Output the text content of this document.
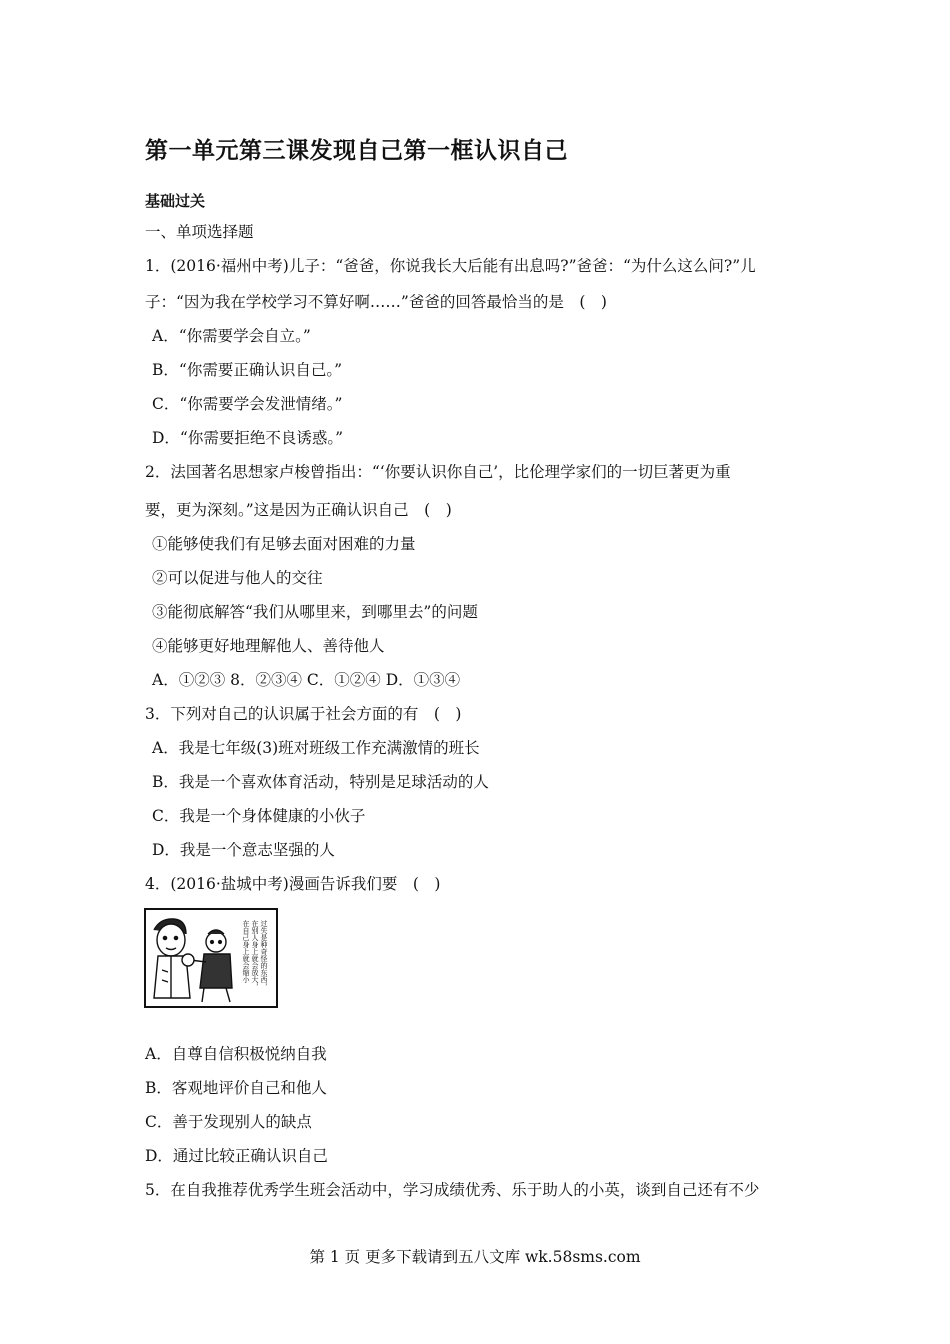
第一单元第三课发现自己第一框认识自己
基础过关
一、单项选择题
1．(2016·福州中考)儿子：“爸爸，你说我长大后能有出息吗?”爸爸：“为什么这么问?”儿
子：“因为我在学校学习不算好啊……”爸爸的回答最恰当的是　(　)
A．“你需要学会自立。”
B．“你需要正确认识自己。”
C．“你需要学会发泄情绪。”
D．“你需要拒绝不良诱惑。”
2．法国著名思想家卢梭曾指出：“‘你要认识你自己’，比伦理学家们的一切巨著更为重
要，更为深刻。”这是因为正确认识自己　(　)
①能够使我们有足够去面对困难的力量
②可以促进与他人的交往
③能彻底解答“我们从哪里来，到哪里去”的问题
④能够更好地理解他人、善待他人
A．①②③ 8．②③④ C．①②④ D．①③④
3．下列对自己的认识属于社会方面的有　(　)
A．我是七年级(3)班对班级工作充满激情的班长
B．我是一个喜欢体育活动，特别是足球活动的人
C．我是一个身体健康的小伙子
D．我是一个意志坚强的人
4．(2016·盐城中考)漫画告诉我们要　(　)
过失是种奇怪的东西，
在别人身上就会放大，
在自己身上就会缩小
A．自尊自信积极悦纳自我
B．客观地评价自己和他人
C．善于发现别人的缺点
D．通过比较正确认识自己
5．在自我推荐优秀学生班会活动中，学习成绩优秀、乐于助人的小英，谈到自己还有不少
第 1 页 更多下载请到五八文库 wk.58sms.com
